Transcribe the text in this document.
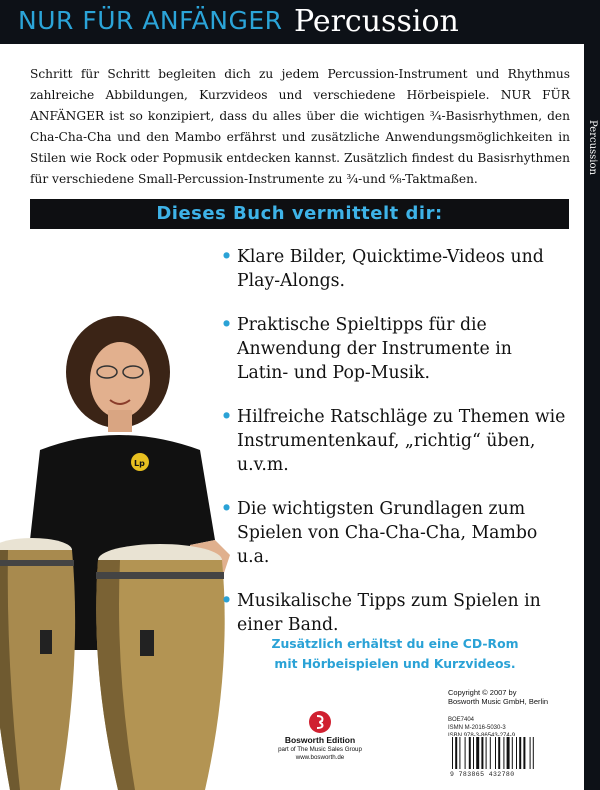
NUR FÜR ANFÄNGER Percussion
Percussion
Schritt für Schritt begleiten dich zu jedem Percussion-Instrument und Rhythmus zahlreiche Abbildungen, Kurzvideos und verschiedene Hörbeispiele. NUR FÜR ANFÄNGER ist so konzipiert, dass du alles über die wichtigen ¾-Basisrhythmen, den Cha-Cha-Cha und den Mambo erfährst und zusätzliche Anwendungsmöglichkeiten in Stilen wie Rock oder Popmusik entdecken kannst. Zusätzlich findest du Basisrhythmen für verschiedene Small-Percussion-Instrumente zu ¾-und ⁶⁄₈-Taktmaßen.
Dieses Buch vermittelt dir:
Lp
• Klare Bilder, Quicktime-Videos und Play-Alongs.
• Praktische Spieltipps für die Anwendung der Instrumente in Latin- und Pop-Musik.
• Hilfreiche Ratschläge zu Themen wie Instrumentenkauf, „richtig“ üben, u.v.m.
• Die wichtigsten Grundlagen zum Spielen von Cha-Cha-Cha, Mambo u.a.
• Musikalische Tipps zum Spielen in einer Band.
Zusätzlich erhältst du eine CD-Rom
mit Hörbeispielen und Kurzvideos.
Bosworth Edition
part of The Music Sales Group
www.bosworth.de
Copyright © 2007 by
Bosworth Music GmbH, Berlin
BOE7404
ISMN M-2016-5030-3
9 783865 432780
